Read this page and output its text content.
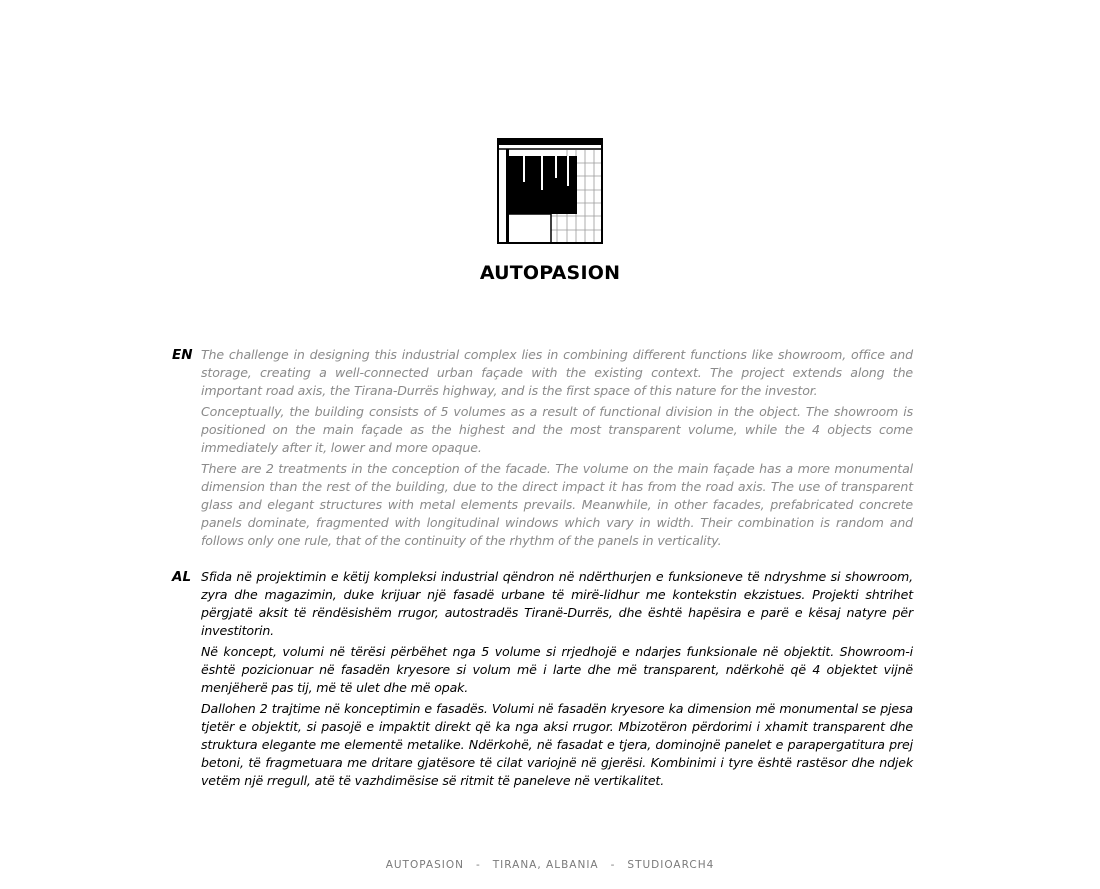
AUTOPASION
EN The challenge in designing this industrial complex lies in combining different functions like showroom, office and storage, creating a well-connected urban façade with the existing context. The project extends along the important road axis, the Tirana-Durrës highway, and is the first space of this nature for the investor.

Conceptually, the building consists of 5 volumes as a result of functional division in the object. The showroom is positioned on the main façade as the highest and the most transparent volume, while the 4 objects come immediately after it, lower and more opaque.

There are 2 treatments in the conception of the facade. The volume on the main façade has a more monumental dimension than the rest of the building, due to the direct impact it has from the road axis. The use of transparent glass and elegant structures with metal elements prevails. Meanwhile, in other facades, prefabricated concrete panels dominate, fragmented with longitudinal windows which vary in width. Their combination is random and follows only one rule, that of the continuity of the rhythm of the panels in verticality.

AL Sfida në projektimin e këtij kompleksi industrial qëndron në ndërthurjen e funksioneve të ndryshme si showroom, zyra dhe magazimin, duke krijuar një fasadë urbane të mirë-lidhur me kontekstin ekzistues. Projekti shtrihet përgjatë aksit të rëndësishëm rrugor, autostradës Tiranë-Durrës, dhe është hapësira e parë e kësaj natyre për investitorin.

Në koncept, volumi në tërësi përbëhet nga 5 volume si rrjedhojë e ndarjes funksionale në objektit. Showroom-i është pozicionuar në fasadën kryesore si volum më i larte dhe më transparent, ndërkohë që 4 objektet vijnë menjëherë pas tij, më të ulet dhe më opak.

Dallohen 2 trajtime në konceptimin e fasadës. Volumi në fasadën kryesore ka dimension më monumental se pjesa tjetër e objektit, si pasojë e impaktit direkt që ka nga aksi rrugor. Mbizotëron përdorimi i xhamit transparent dhe struktura elegante me elementë metalike. Ndërkohë, në fasadat e tjera, dominojnë panelet e parapergatitura prej betoni, të fragmetuara me dritare gjatësore të cilat variojnë në gjerësi. Kombinimi i tyre është rastësor dhe ndjek vetëm një rregull, atë të vazhdimësise së ritmit të paneleve në vertikalitet.

AUTOPASION - TIRANA, ALBANIA - STUDIOARCH4
